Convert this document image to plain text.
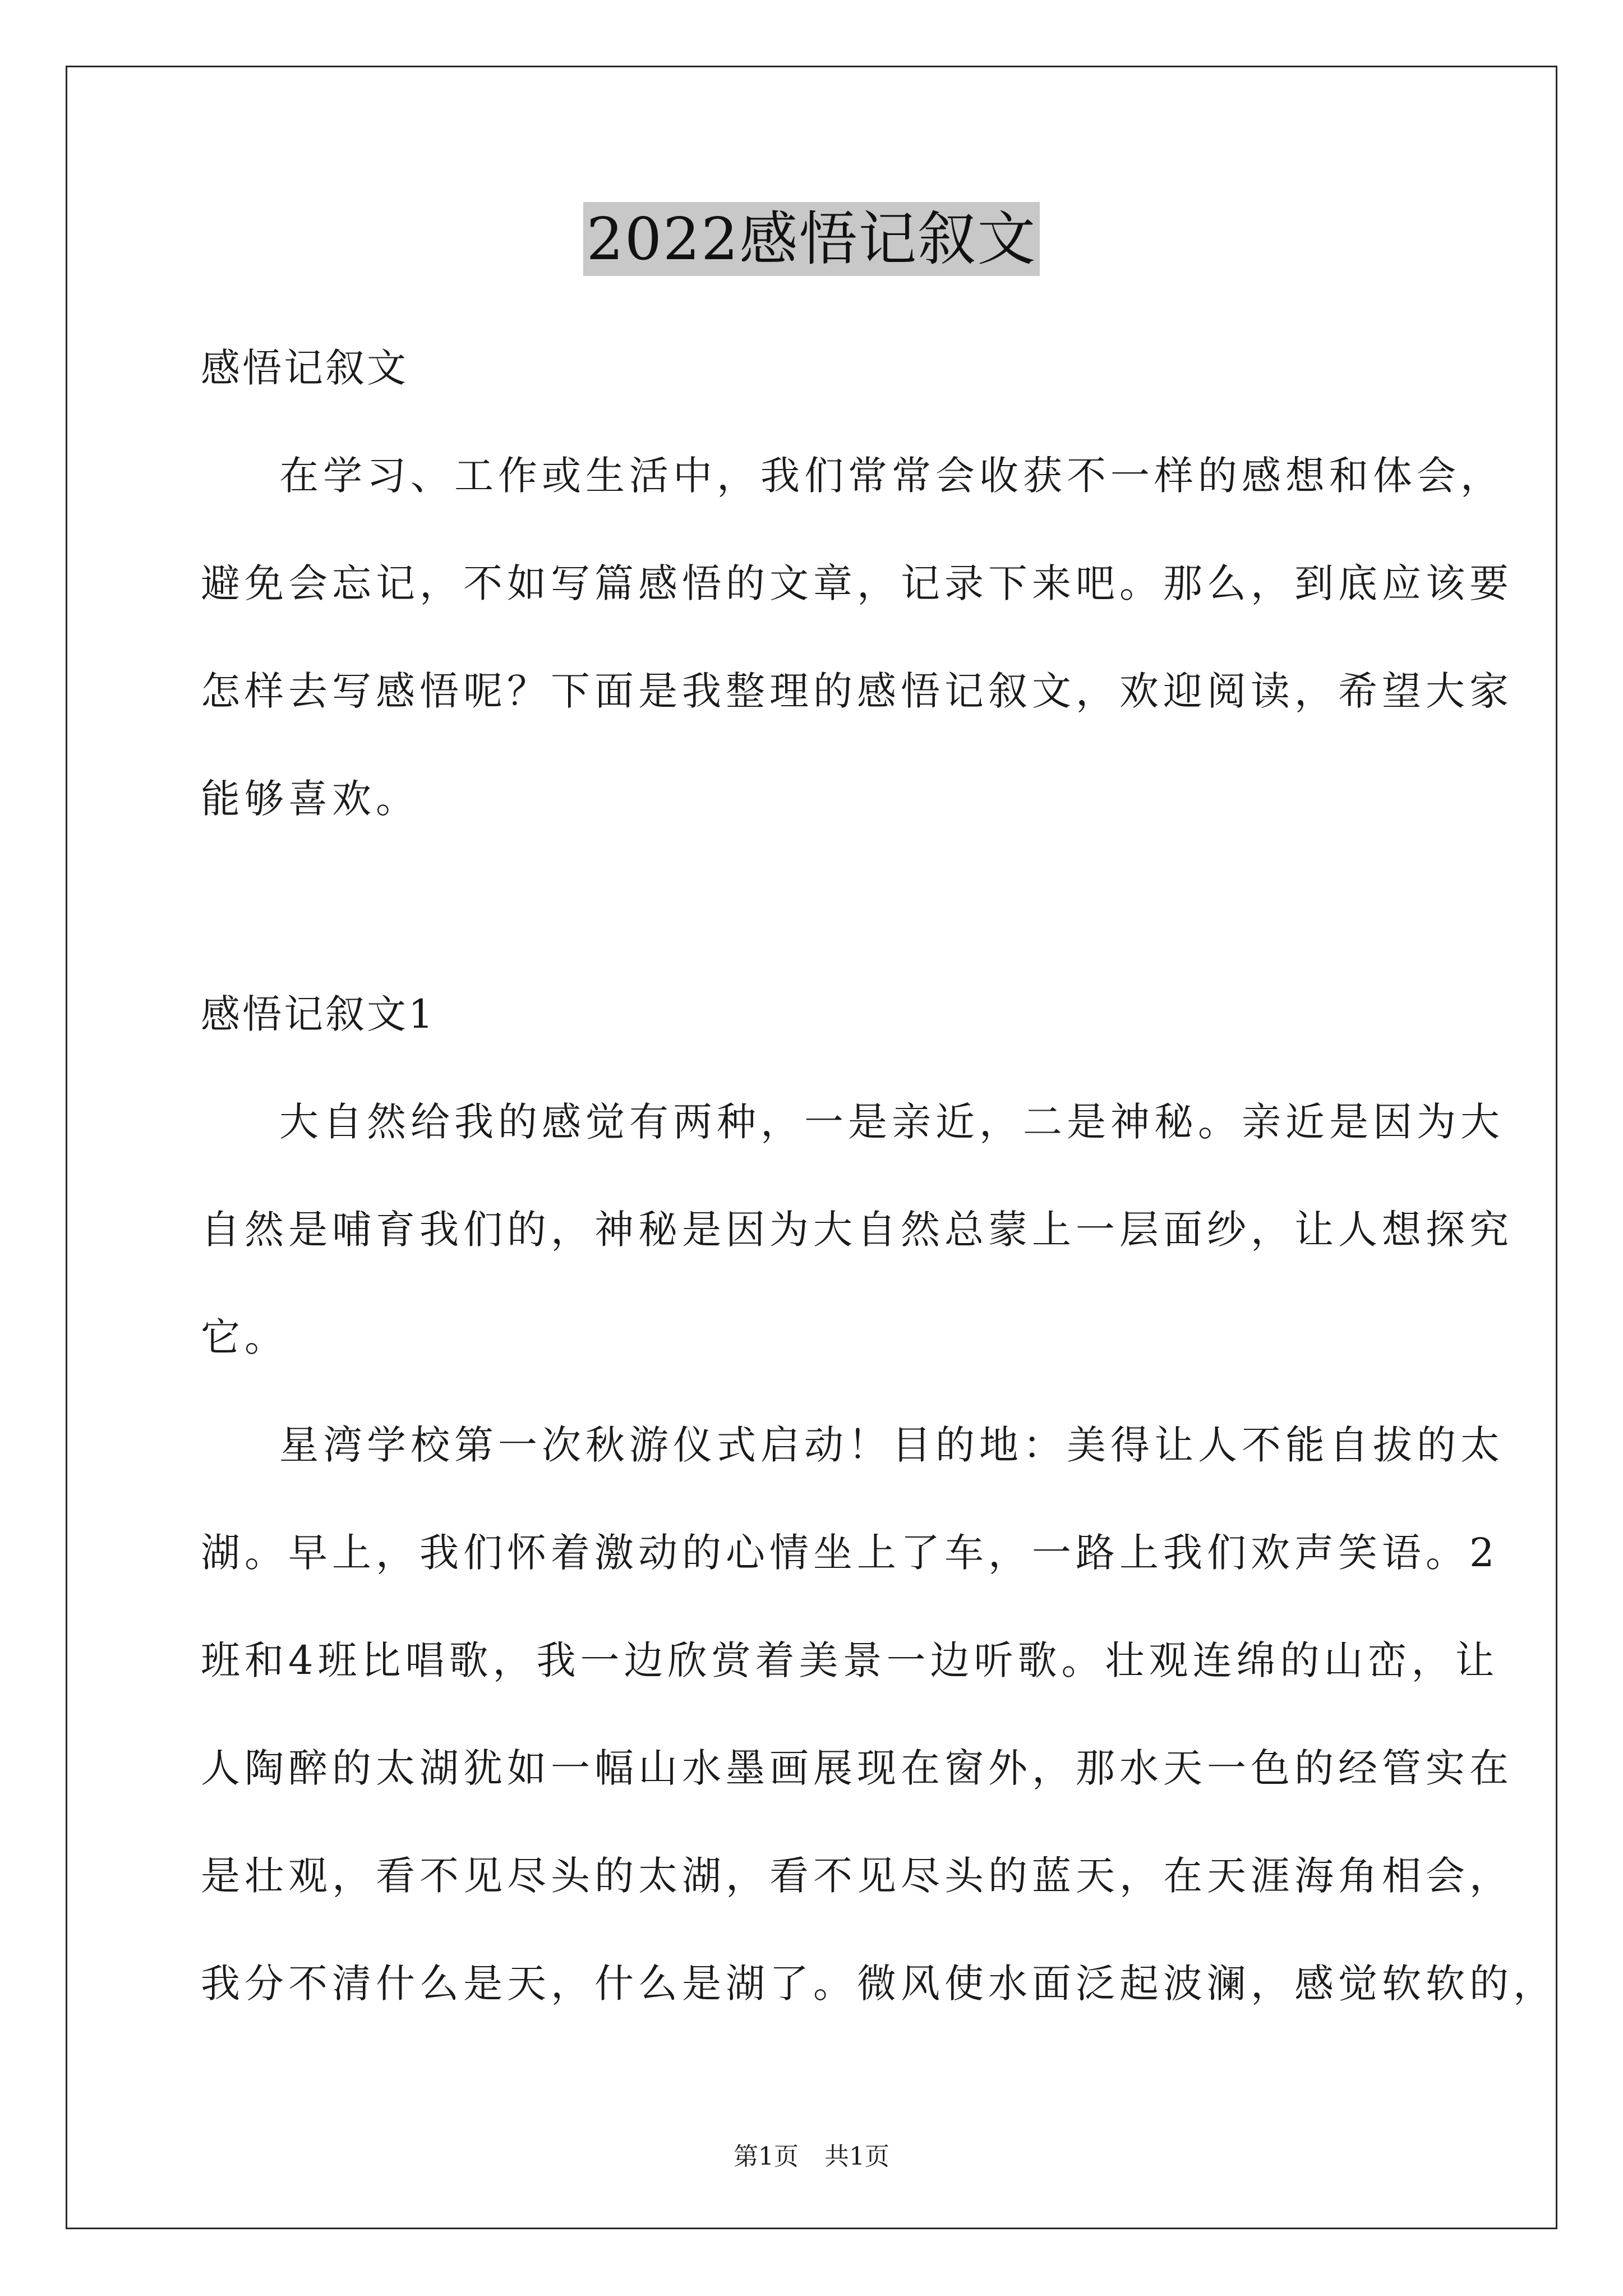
2022感悟记叙文
感悟记叙文
在学习、工作或生活中，我们常常会收获不一样的感想和体会，
避免会忘记，不如写篇感悟的文章，记录下来吧。那么，到底应该要
怎样去写感悟呢？下面是我整理的感悟记叙文，欢迎阅读，希望大家
能够喜欢。
感悟记叙文1
大自然给我的感觉有两种，一是亲近，二是神秘。亲近是因为大
自然是哺育我们的，神秘是因为大自然总蒙上一层面纱，让人想探究
它。
星湾学校第一次秋游仪式启动！目的地：美得让人不能自拔的太
湖。早上，我们怀着激动的心情坐上了车，一路上我们欢声笑语。2
班和4班比唱歌，我一边欣赏着美景一边听歌。壮观连绵的山峦，让
人陶醉的太湖犹如一幅山水墨画展现在窗外，那水天一色的经管实在
是壮观，看不见尽头的太湖，看不见尽头的蓝天，在天涯海角相会，
我分不清什么是天，什么是湖了。微风使水面泛起波澜，感觉软软的，
第1页 共1页
